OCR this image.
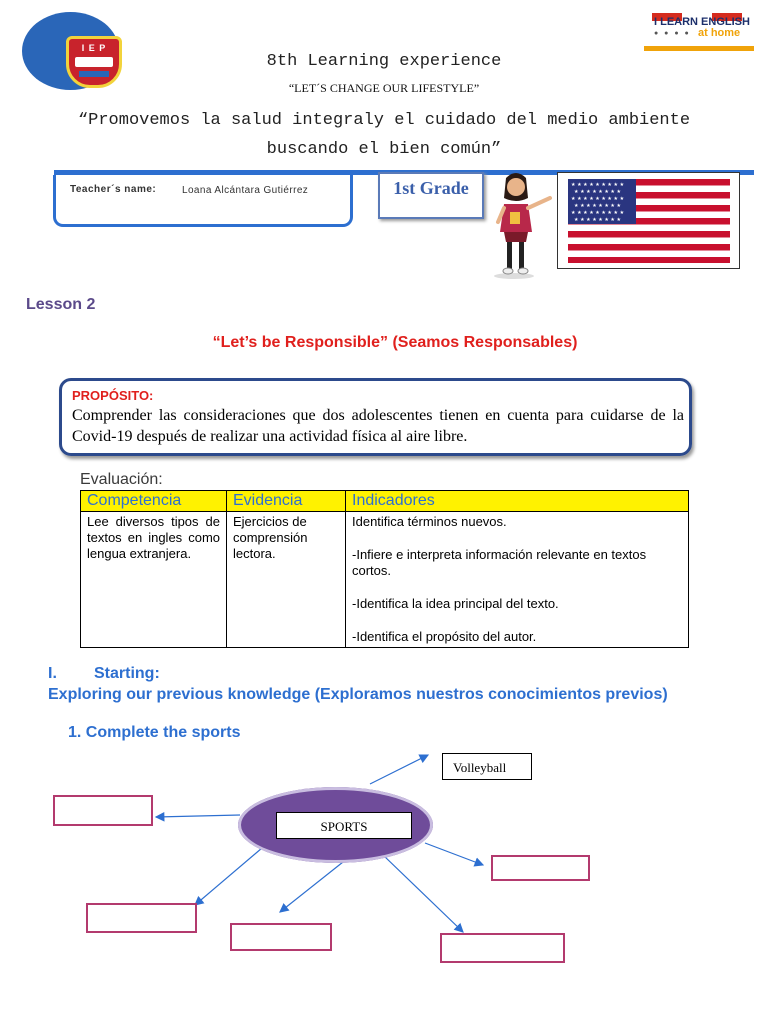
I E P
I LEARN ENGLISH
● ● ● ● at home
8th Learning experience
“LET´S CHANGE OUR LIFESTYLE”
“Promovemos la salud integraly el cuidado del medio ambiente buscando el bien común”
Teacher´s name:	Loana Alcántara Gutiérrez	1st Grade	★ ★ ★ ★ ★ ★ ★ ★ ★
★ ★ ★ ★ ★ ★ ★ ★
★ ★ ★ ★ ★ ★ ★ ★ ★
★ ★ ★ ★ ★ ★ ★ ★
★ ★ ★ ★ ★ ★ ★ ★ ★
★ ★ ★ ★ ★ ★ ★ ★
Lesson 2
“Let’s be Responsible” (Seamos Responsables)
PROPÓSITO:
Comprender las consideraciones que dos adolescentes tienen en cuenta para cuidarse de la Covid-19 después de realizar una actividad física al aire libre.
Evaluación:
Competencia	Evidencia	Indicadores
Lee diversos tipos de textos en ingles como lengua extranjera.	Ejercicios de comprensión lectora.	Identifica términos nuevos.

-Infiere e interpreta información relevante en textos cortos.

-Identifica la idea principal del texto.

-Identifica el propósito del autor.

I. Starting:
Exploring our previous knowledge (Exploramos nuestros conocimientos previos)
1. Complete the sports
SPORTS
Volleyball
